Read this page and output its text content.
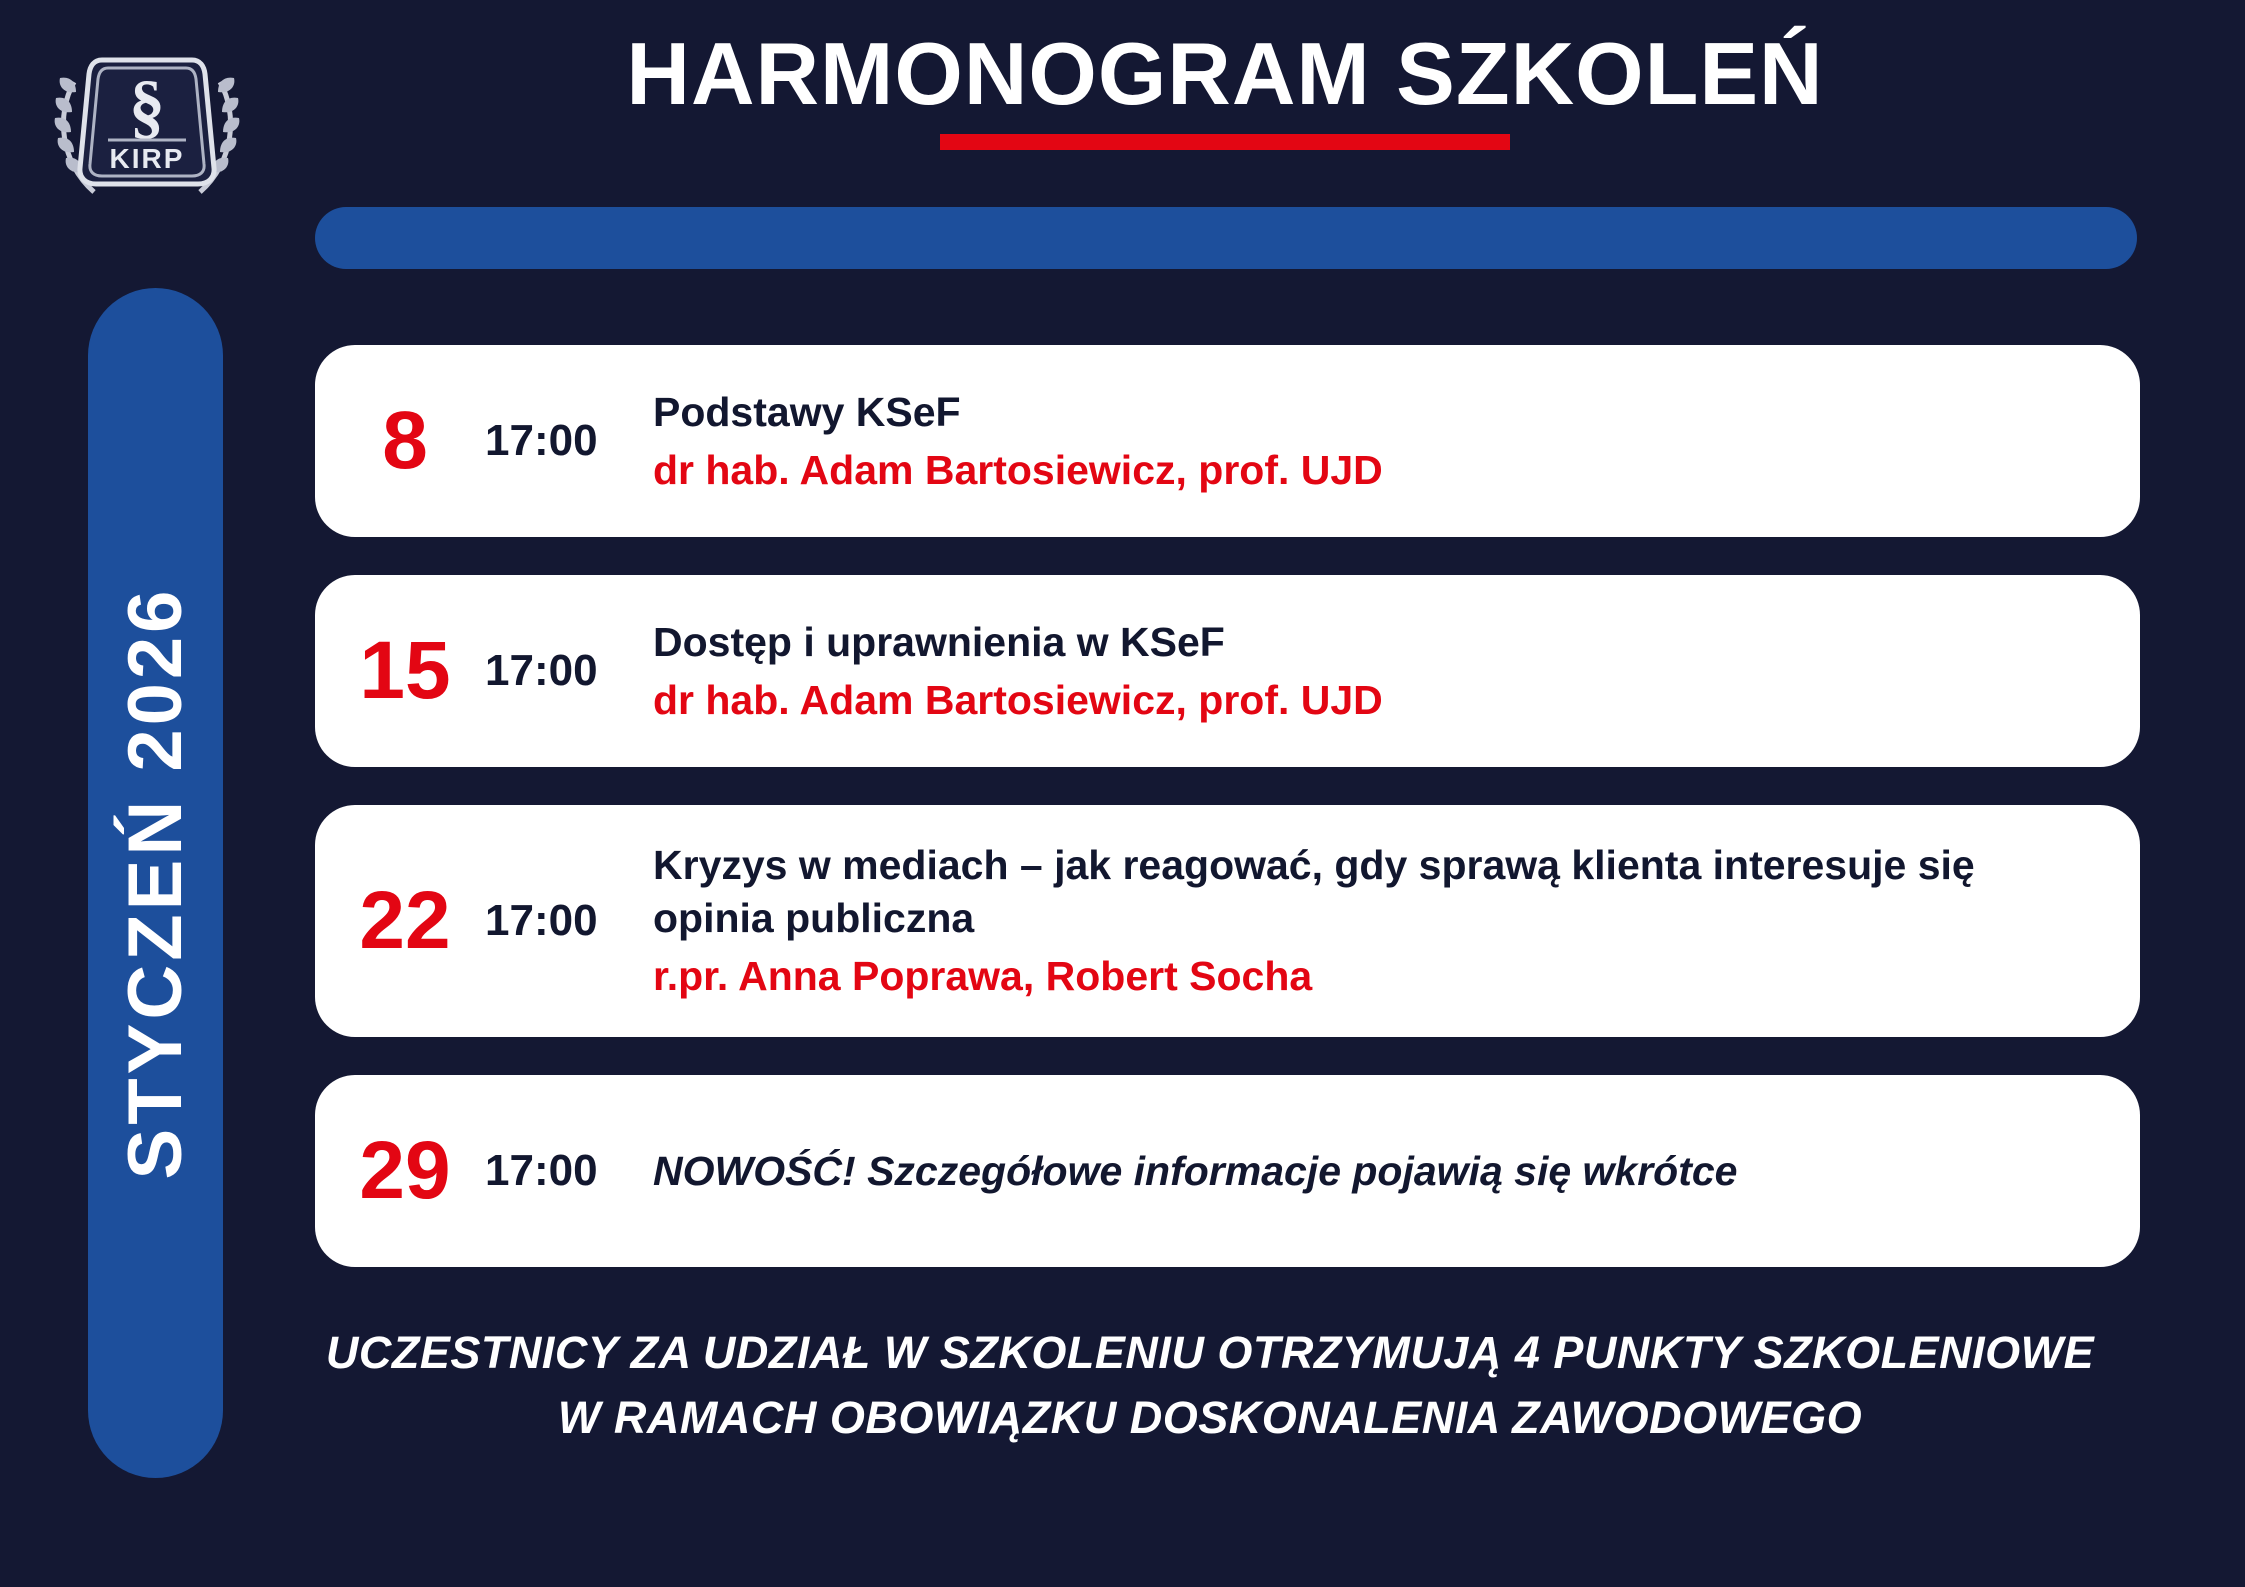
§
KIRP
HARMONOGRAM SZKOLEŃ
STYCZEŃ 2026
8	17:00
Podstawy KSeF
dr hab. Adam Bartosiewicz, prof. UJD
15 17:00
Dostęp i uprawnienia w KSeF
dr hab. Adam Bartosiewicz, prof. UJD
22 17:00
Kryzys w mediach – jak reagować, gdy sprawą klienta interesuje się opinia publiczna
r.pr. Anna Poprawa, Robert Socha
29 17:00	NOWOŚĆ! Szczegółowe informacje pojawią się wkrótce
UCZESTNICY ZA UDZIAŁ W SZKOLENIU OTRZYMUJĄ 4 PUNKTY SZKOLENIOWE
W RAMACH OBOWIĄZKU DOSKONALENIA ZAWODOWEGO
